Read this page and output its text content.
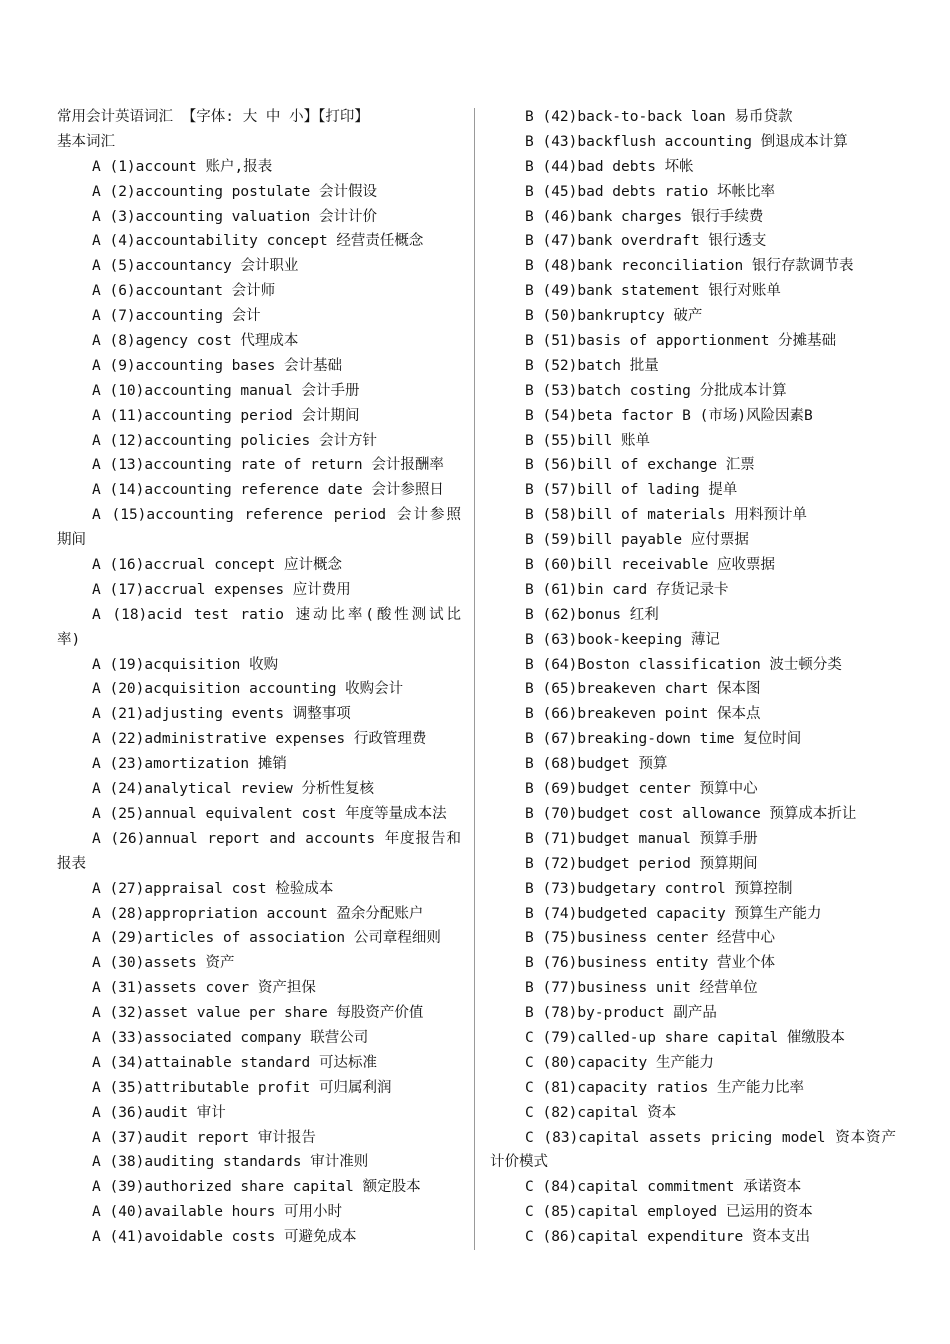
常用会计英语词汇 【字体: 大 中 小】【打印】
基本词汇
A (1)account 账户,报表
A (2)accounting postulate 会计假设
A (3)accounting valuation 会计计价
A (4)accountability concept 经营责任概念
A (5)accountancy 会计职业
A (6)accountant 会计师
A (7)accounting 会计
A (8)agency cost 代理成本
A (9)accounting bases 会计基础
A (10)accounting manual 会计手册
A (11)accounting period 会计期间
A (12)accounting policies 会计方针
A (13)accounting rate of return 会计报酬率
A (14)accounting reference date 会计参照日
A (15)accounting reference period 会计参照
期间
A (16)accrual concept 应计概念
A (17)accrual expenses 应计费用
A (18)acid test ratio 速动比率(酸性测试比
率)
A (19)acquisition 收购
A (20)acquisition accounting 收购会计
A (21)adjusting events 调整事项
A (22)administrative expenses 行政管理费
A (23)amortization 摊销
A (24)analytical review 分析性复核
A (25)annual equivalent cost 年度等量成本法
A (26)annual report and accounts 年度报告和
报表
A (27)appraisal cost 检验成本
A (28)appropriation account 盈余分配账户
A (29)articles of association 公司章程细则
A (30)assets 资产
A (31)assets cover 资产担保
A (32)asset value per share 每股资产价值
A (33)associated company 联营公司
A (34)attainable standard 可达标准
A (35)attributable profit 可归属利润
A (36)audit 审计
A (37)audit report 审计报告
A (38)auditing standards 审计准则
A (39)authorized share capital 额定股本
A (40)available hours 可用小时
A (41)avoidable costs 可避免成本
B (42)back-to-back loan 易币贷款
B (43)backflush accounting 倒退成本计算
B (44)bad debts 坏帐
B (45)bad debts ratio 坏帐比率
B (46)bank charges 银行手续费
B (47)bank overdraft 银行透支
B (48)bank reconciliation 银行存款调节表
B (49)bank statement 银行对账单
B (50)bankruptcy 破产
B (51)basis of apportionment 分摊基础
B (52)batch 批量
B (53)batch costing 分批成本计算
B (54)beta factor B (市场)风险因素B
B (55)bill 账单
B (56)bill of exchange 汇票
B (57)bill of lading 提单
B (58)bill of materials 用料预计单
B (59)bill payable 应付票据
B (60)bill receivable 应收票据
B (61)bin card 存货记录卡
B (62)bonus 红利
B (63)book-keeping 薄记
B (64)Boston classification 波士顿分类
B (65)breakeven chart 保本图
B (66)breakeven point 保本点
B (67)breaking-down time 复位时间
B (68)budget 预算
B (69)budget center 预算中心
B (70)budget cost allowance 预算成本折让
B (71)budget manual 预算手册
B (72)budget period 预算期间
B (73)budgetary control 预算控制
B (74)budgeted capacity 预算生产能力
B (75)business center 经营中心
B (76)business entity 营业个体
B (77)business unit 经营单位
B (78)by-product 副产品
C (79)called-up share capital 催缴股本
C (80)capacity 生产能力
C (81)capacity ratios 生产能力比率
C (82)capital 资本
C (83)capital assets pricing model 资本资产
计价模式
C (84)capital commitment 承诺资本
C (85)capital employed 已运用的资本
C (86)capital expenditure 资本支出
